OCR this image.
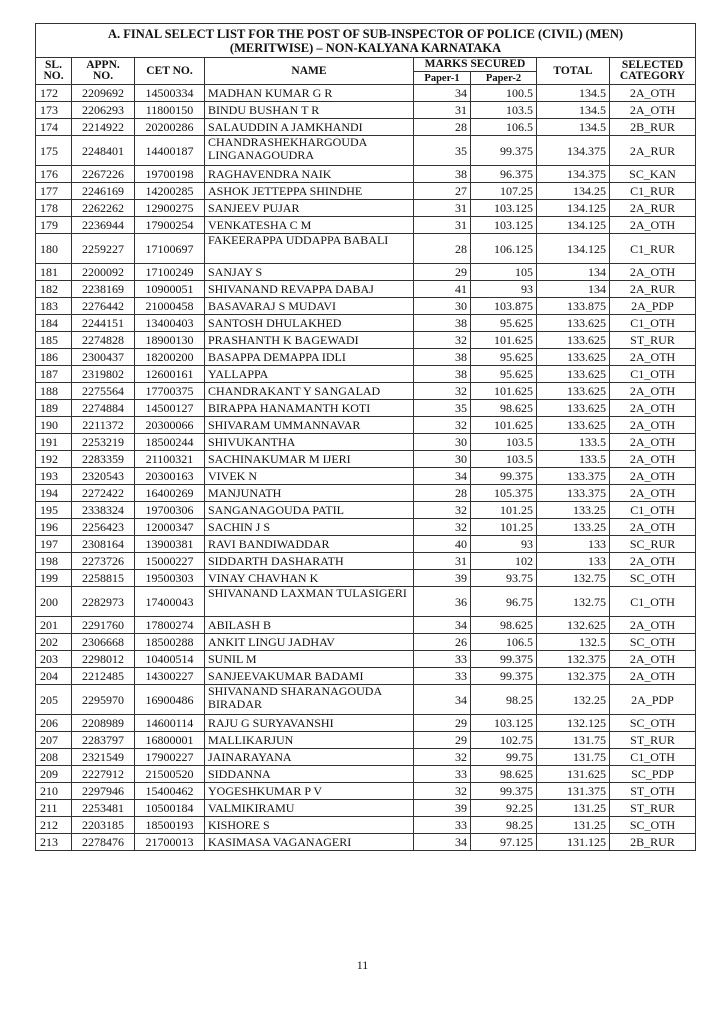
A. FINAL SELECT LIST FOR THE POST OF SUB-INSPECTOR OF POLICE (CIVIL) (MEN)
(MERITWISE) – NON-KALYANA KARNATAKA							

SL. NO.	APPN. NO.	CET NO.	NAME	MARKS SECURED		TOTAL	SELECTED CATEGORY
				Paper-1	Paper-2		
172	2209692	14500334	MADHAN KUMAR G R	34	100.5	134.5	2A_OTH
173	2206293	11800150	BINDU BUSHAN T R	31	103.5	134.5	2A_OTH
174	2214922	20200286	SALAUDDIN A JAMKHANDI	28	106.5	134.5	2B_RUR
175	2248401	14400187	CHANDRASHEKHARGOUDA LINGANAGOUDRA	35	99.375	134.375	2A_RUR
176	2267226	19700198	RAGHAVENDRA NAIK	38	96.375	134.375	SC_KAN
177	2246169	14200285	ASHOK JETTEPPA SHINDHE	27	107.25	134.25	C1_RUR
178	2262262	12900275	SANJEEV PUJAR	31	103.125	134.125	2A_RUR
179	2236944	17900254	VENKATESHA C M	31	103.125	134.125	2A_OTH
180	2259227	17100697	FAKEERAPPA UDDAPPA BABALI	28	106.125	134.125	C1_RUR
181	2200092	17100249	SANJAY S	29	105	134	2A_OTH
182	2238169	10900051	SHIVANAND REVAPPA DABAJ	41	93	134	2A_RUR
183	2276442	21000458	BASAVARAJ S MUDAVI	30	103.875	133.875	2A_PDP
184	2244151	13400403	SANTOSH DHULAKHED	38	95.625	133.625	C1_OTH
185	2274828	18900130	PRASHANTH K BAGEWADI	32	101.625	133.625	ST_RUR
186	2300437	18200200	BASAPPA DEMAPPA IDLI	38	95.625	133.625	2A_OTH
187	2319802	12600161	YALLAPPA	38	95.625	133.625	C1_OTH
188	2275564	17700375	CHANDRAKANT Y SANGALAD	32	101.625	133.625	2A_OTH
189	2274884	14500127	BIRAPPA HANAMANTH KOTI	35	98.625	133.625	2A_OTH
190	2211372	20300066	SHIVARAM UMMANNAVAR	32	101.625	133.625	2A_OTH
191	2253219	18500244	SHIVUKANTHA	30	103.5	133.5	2A_OTH
192	2283359	21100321	SACHINAKUMAR M IJERI	30	103.5	133.5	2A_OTH
193	2320543	20300163	VIVEK N	34	99.375	133.375	2A_OTH
194	2272422	16400269	MANJUNATH	28	105.375	133.375	2A_OTH
195	2338324	19700306	SANGANAGOUDA PATIL	32	101.25	133.25	C1_OTH
196	2256423	12000347	SACHIN J S	32	101.25	133.25	2A_OTH
197	2308164	13900381	RAVI BANDIWADDAR	40	93	133	SC_RUR
198	2273726	15000227	SIDDARTH DASHARATH	31	102	133	2A_OTH
199	2258815	19500303	VINAY CHAVHAN K	39	93.75	132.75	SC_OTH
200	2282973	17400043	SHIVANAND LAXMAN TULASIGERI	36	96.75	132.75	C1_OTH
201	2291760	17800274	ABILASH B	34	98.625	132.625	2A_OTH
202	2306668	18500288	ANKIT LINGU JADHAV	26	106.5	132.5	SC_OTH
203	2298012	10400514	SUNIL M	33	99.375	132.375	2A_OTH
204	2212485	14300227	SANJEEVAKUMAR BADAMI	33	99.375	132.375	2A_OTH
205	2295970	16900486	SHIVANAND SHARANAGOUDA BIRADAR	34	98.25	132.25	2A_PDP
206	2208989	14600114	RAJU G SURYAVANSHI	29	103.125	132.125	SC_OTH
207	2283797	16800001	MALLIKARJUN	29	102.75	131.75	ST_RUR
208	2321549	17900227	JAINARAYANA	32	99.75	131.75	C1_OTH
209	2227912	21500520	SIDDANNA	33	98.625	131.625	SC_PDP
210	2297946	15400462	YOGESHKUMAR P V	32	99.375	131.375	ST_OTH
211	2253481	10500184	VALMIKIRAMU	39	92.25	131.25	ST_RUR
212	2203185	18500193	KISHORE S	33	98.25	131.25	SC_OTH
213	2278476	21700013	KASIMASA VAGANAGERI	34	97.125	131.125	2B_RUR
11
